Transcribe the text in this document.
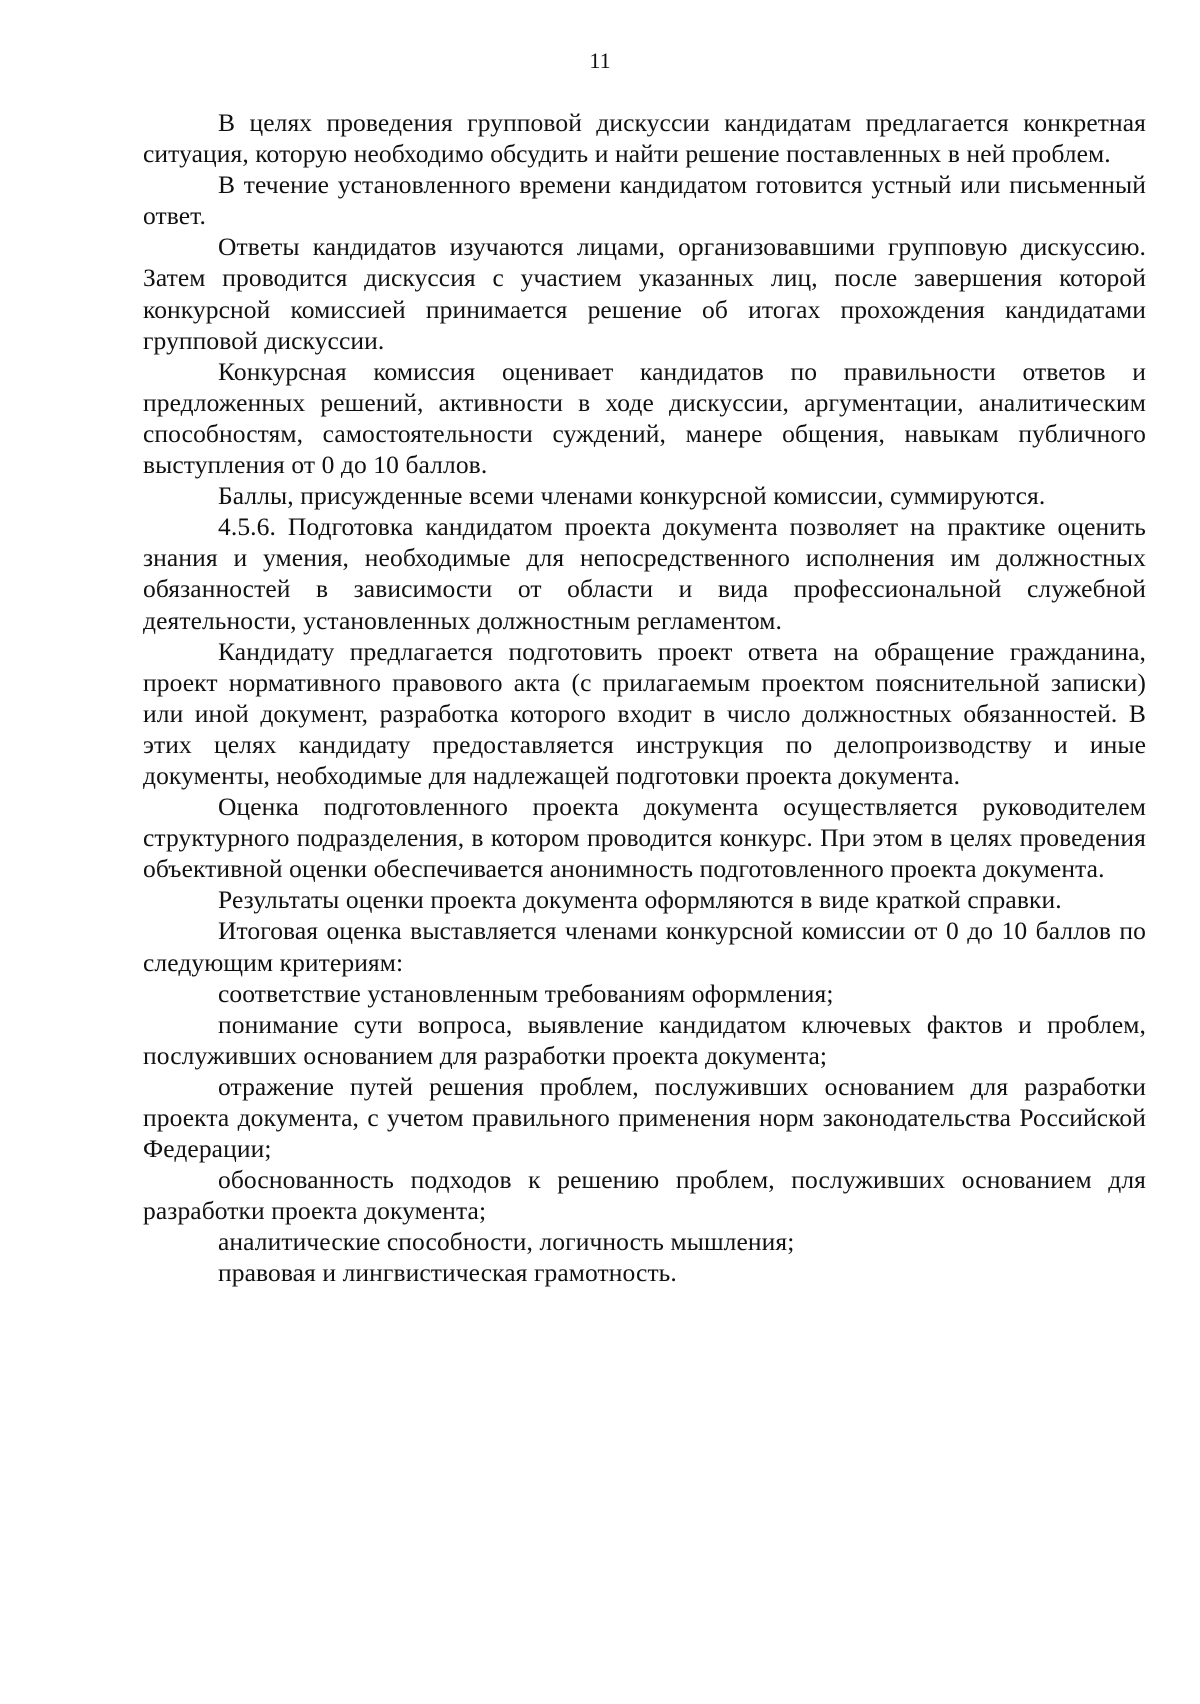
11

В целях проведения групповой дискуссии кандидатам предлагается конкретная ситуация, которую необходимо обсудить и найти решение поставленных в ней проблем.

В течение установленного времени кандидатом готовится устный или письменный ответ.

Ответы кандидатов изучаются лицами, организовавшими групповую дискуссию. Затем проводится дискуссия с участием указанных лиц, после завершения которой конкурсной комиссией принимается решение об итогах прохождения кандидатами групповой дискуссии.

Конкурсная комиссия оценивает кандидатов по правильности ответов и предложенных решений, активности в ходе дискуссии, аргументации, аналитическим способностям, самостоятельности суждений, манере общения, навыкам публичного выступления от 0 до 10 баллов.

Баллы, присужденные всеми членами конкурсной комиссии, суммируются.

4.5.6. Подготовка кандидатом проекта документа позволяет на практике оценить знания и умения, необходимые для непосредственного исполнения им должностных обязанностей в зависимости от области и вида профессиональной служебной деятельности, установленных должностным регламентом.

Кандидату предлагается подготовить проект ответа на обращение гражданина, проект нормативного правового акта (с прилагаемым проектом пояснительной записки) или иной документ, разработка которого входит в число должностных обязанностей. В этих целях кандидату предоставляется инструкция по делопроизводству и иные документы, необходимые для надлежащей подготовки проекта документа.

Оценка подготовленного проекта документа осуществляется руководителем структурного подразделения, в котором проводится конкурс. При этом в целях проведения объективной оценки обеспечивается анонимность подготовленного проекта документа.

Результаты оценки проекта документа оформляются в виде краткой справки.

Итоговая оценка выставляется членами конкурсной комиссии от 0 до 10 баллов по следующим критериям:

соответствие установленным требованиям оформления;

понимание сути вопроса, выявление кандидатом ключевых фактов и проблем, послуживших основанием для разработки проекта документа;

отражение путей решения проблем, послуживших основанием для разработки проекта документа, с учетом правильного применения норм законодательства Российской Федерации;

обоснованность подходов к решению проблем, послуживших основанием для разработки проекта документа;

аналитические способности, логичность мышления;

правовая и лингвистическая грамотность.
